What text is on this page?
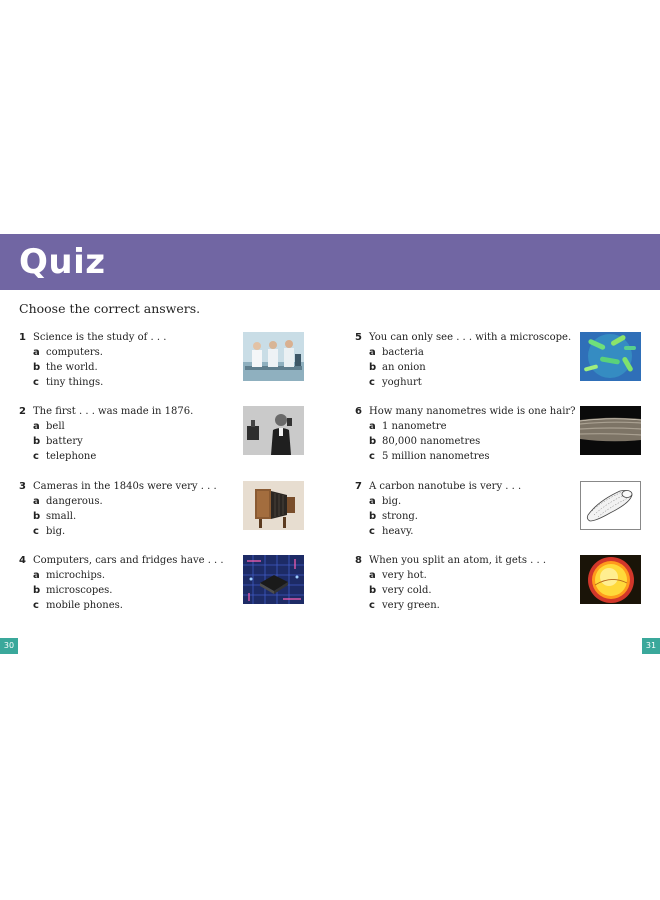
Quiz
Choose the correct answers.
1 Science is the study of . . .
a computers.
b the world.
c tiny things.
2 The first . . . was made in 1876.
a bell
b battery
c telephone
3 Cameras in the 1840s were very . . .
a dangerous.
b small.
c big.
4 Computers, cars and fridges have . . .
a microchips.
b microscopes.
c mobile phones.
5 You can only see . . . with a microscope.
a bacteria
b an onion
c yoghurt
6 How many nanometres wide is one hair?
a 1 nanometre
b 80,000 nanometres
c 5 million nanometres
7 A carbon nanotube is very . . .
a big.
b strong.
c heavy.
8 When you split an atom, it gets . . .
a very hot.
b very cold.
c very green.
30	31
